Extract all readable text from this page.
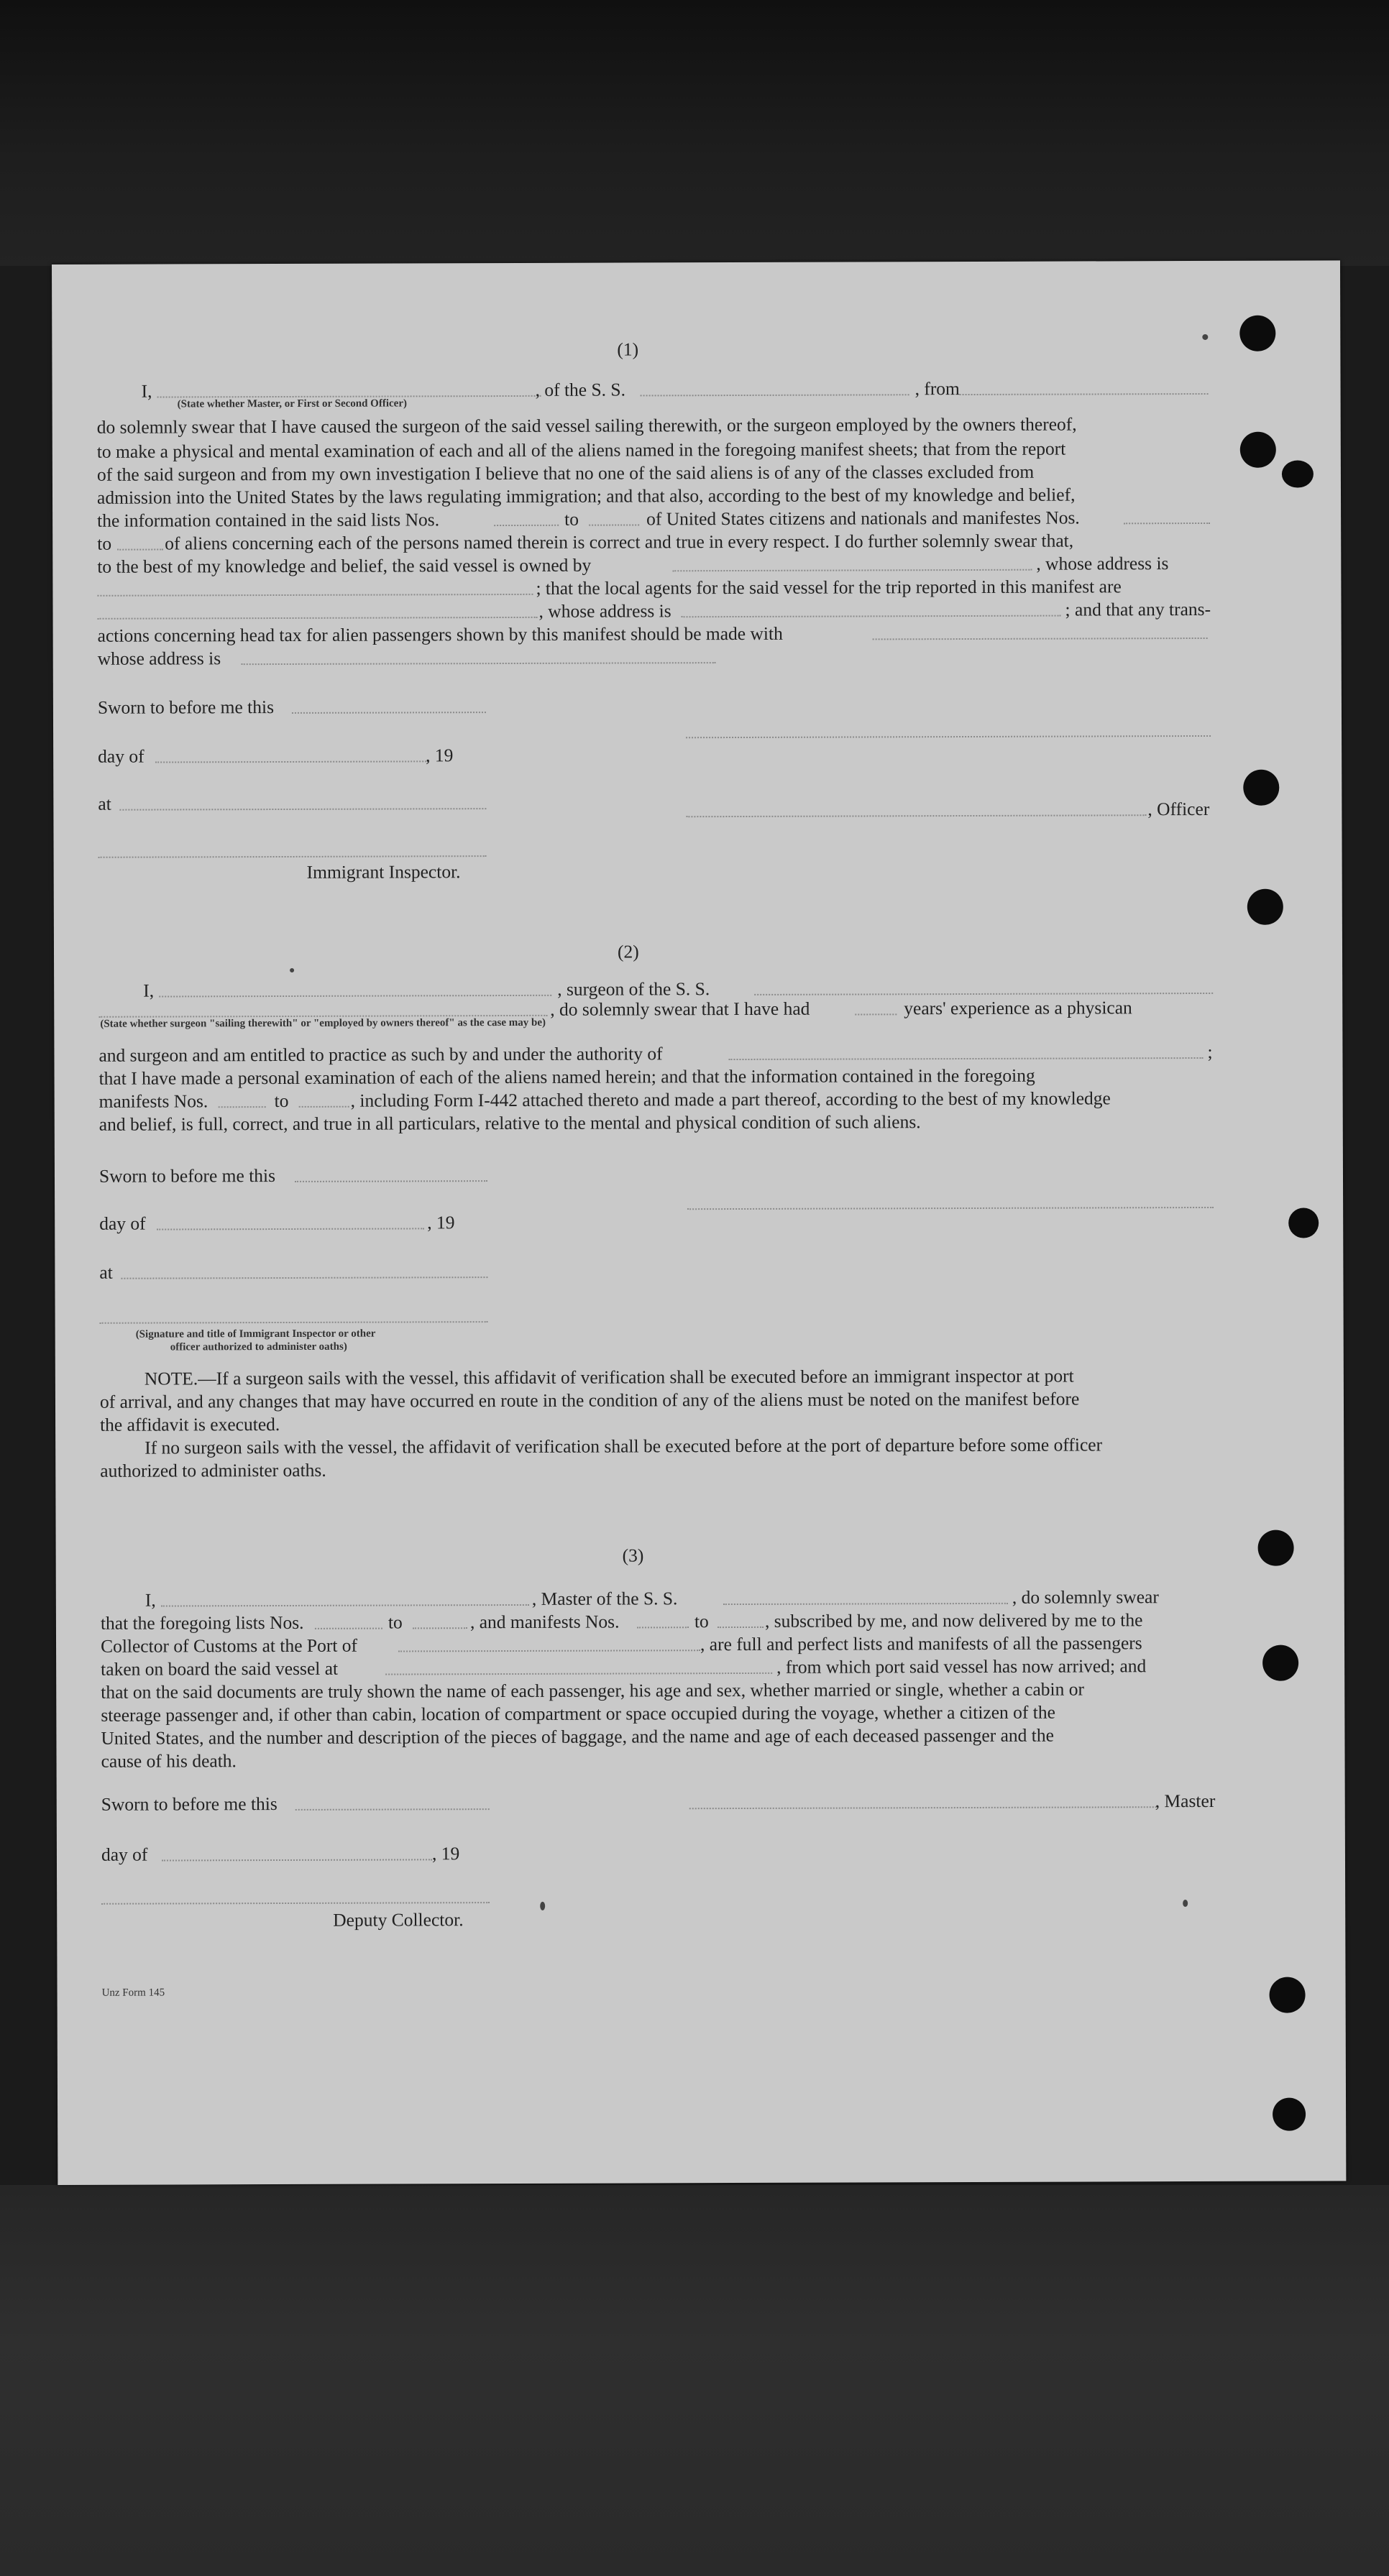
(1)
I,	, of the S. S.	, from
(State whether Master, or First or Second Officer)
do solemnly swear that I have caused the surgeon of the said vessel sailing therewith, or the surgeon employed by the owners thereof,
to make a physical and mental examination of each and all of the aliens named in the foregoing manifest sheets; that from the report
of the said surgeon and from my own investigation I believe that no one of the said aliens is of any of the classes excluded from
admission into the United States by the laws regulating immigration; and that also, according to the best of my knowledge and belief,
the information contained in the said lists Nos.	to	of United States citizens and nationals and manifestes Nos.
to	of aliens concerning each of the persons named therein is correct and true in every respect. I do further solemnly swear that,
to the best of my knowledge and belief, the said vessel is owned by	, whose address is
; that the local agents for the said vessel for the trip reported in this manifest are
, whose address is	; and that any trans-
actions concerning head tax for alien passengers shown by this manifest should be made with
whose address is
Sworn to before me this
day of	, 19
at	, Officer
Immigrant Inspector.
(2)
I,	, surgeon of the S. S.
, do solemnly swear that I have had	years' experience as a physican
(State whether surgeon "sailing therewith" or "employed by owners thereof" as the case may be)
and surgeon and am entitled to practice as such by and under the authority of	;
that I have made a personal examination of each of the aliens named herein; and that the information contained in the foregoing
manifests Nos.	to	, including Form I-442 attached thereto and made a part thereof, according to the best of my knowledge
and belief, is full, correct, and true in all particulars, relative to the mental and physical condition of such aliens.
Sworn to before me this
day of	, 19
at
(Signature and title of Immigrant Inspector or other
officer authorized to administer oaths)
NOTE.—If a surgeon sails with the vessel, this affidavit of verification shall be executed before an immigrant inspector at port
of arrival, and any changes that may have occurred en route in the condition of any of the aliens must be noted on the manifest before
the affidavit is executed.
If no surgeon sails with the vessel, the affidavit of verification shall be executed before at the port of departure before some officer
authorized to administer oaths.
(3)
I,	, Master of the S. S.	, do solemnly swear
that the foregoing lists Nos.	to	, and manifests Nos.	to	, subscribed by me, and now delivered by me to the
Collector of Customs at the Port of	, are full and perfect lists and manifests of all the passengers
taken on board the said vessel at	, from which port said vessel has now arrived; and
that on the said documents are truly shown the name of each passenger, his age and sex, whether married or single, whether a cabin or
steerage passenger and, if other than cabin, location of compartment or space occupied during the voyage, whether a citizen of the
United States, and the number and description of the pieces of baggage, and the name and age of each deceased passenger and the
cause of his death.
Sworn to before me this	, Master
day of	, 19
Deputy Collector.
Unz Form 145
